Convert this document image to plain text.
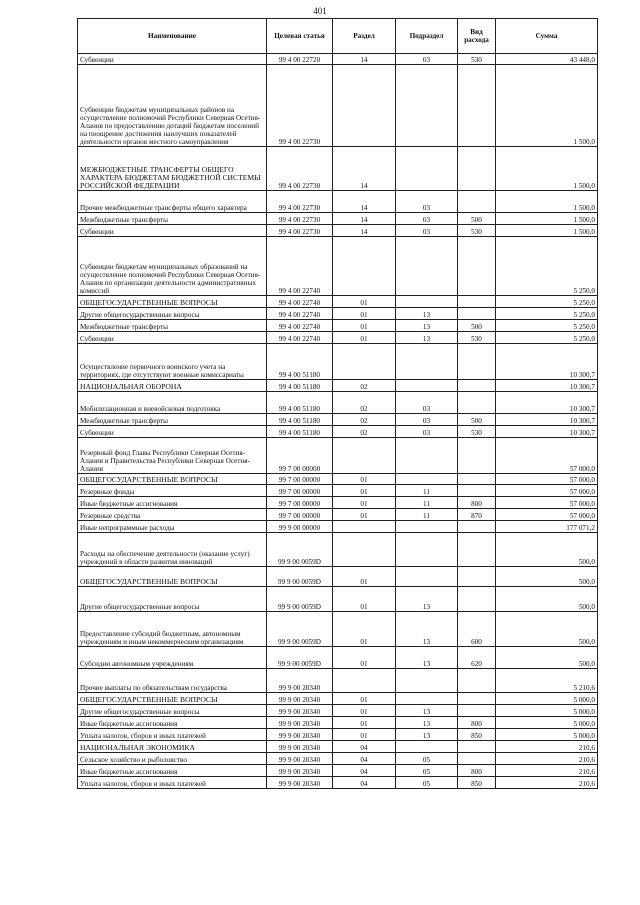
401
Наименование	Целевая статья	Раздел	Подраздел	Вид расхода	Сумма
Субвенции	99 4 00 22720	14	03	530	43 448,0
Субвенции бюджетам муниципальных районов на осуществление полномочий Республики Северная Осетия-Алания по предоставлению дотаций бюджетам поселений на поощрение достижения наилучших показателей деятельности органов местного самоуправления	99 4 00 22730				1 500,0
МЕЖБЮДЖЕТНЫЕ ТРАНСФЕРТЫ ОБЩЕГО ХАРАКТЕРА БЮДЖЕТАМ БЮДЖЕТНОЙ СИСТЕМЫ РОССИЙСКОЙ ФЕДЕРАЦИИ	99 4 00 22730	14			1 500,0
Прочие межбюджетные трансферты общего характера	99 4 00 22730	14	03		1 500,0
Межбюджетные трансферты	99 4 00 22730	14	03	500	1 500,0
Субвенции	99 4 00 22730	14	03	530	1 500,0
Субвенции бюджетам муниципальных образований на осуществление полномочий Республики Северная Осетия-Алания по организации деятельности административных комиссий	99 4 00 22740				5 250,0
ОБЩЕГОСУДАРСТВЕННЫЕ ВОПРОСЫ	99 4 00 22740	01			5 250,0
Другие общегосударственные вопросы	99 4 00 22740	01	13		5 250,0
Межбюджетные трансферты	99 4 00 22740	01	13	500	5 250,0
Субвенции	99 4 00 22740	01	13	530	5 250,0
Осуществление первичного воинского учета на территориях, где отсутствуют военные комиссариаты	99 4 00 51180				10 300,7
НАЦИОНАЛЬНАЯ ОБОРОНА	99 4 00 51180	02			10 300,7
Мобилизационная и вневойсковая подготовка	99 4 00 51180	02	03		10 300,7
Межбюджетные трансферты	99 4 00 51180	02	03	500	10 300,7
Субвенции	99 4 00 51180	02	03	530	10 300,7
Резервный фонд Главы Республики Северная Осетия-Алания и Правительства Республики Северная Осетия-Алания	99 7 00 00000				57 000,0
ОБЩЕГОСУДАРСТВЕННЫЕ ВОПРОСЫ	99 7 00 00000	01			57 000,0
Резервные фонды	99 7 00 00000	01	11		57 000,0
Иные бюджетные ассигнования	99 7 00 00000	01	11	800	57 000,0
Резервные средства	99 7 00 00000	01	11	870	57 000,0
Иные непрограммные расходы	99 9 00 00000				177 071,2
Расходы на обеспечение деятельности (оказание услуг) учреждений в области развития инноваций	99 9 00 0059D				500,0
ОБЩЕГОСУДАРСТВЕННЫЕ ВОПРОСЫ	99 9 00 0059D	01			500,0
Другие общегосударственные вопросы	99 9 00 0059D	01	13		500,0
Предоставление субсидий бюджетным, автономным учреждениям и иным некоммерческим организациям	99 9 00 0059D	01	13	600	500,0
Субсидии автономным учреждениям	99 9 00 0059D	01	13	620	500,0
Прочие выплаты по обязательствам государства	99 9 00 20340				5 210,6
ОБЩЕГОСУДАРСТВЕННЫЕ ВОПРОСЫ	99 9 00 20340	01			5 000,0
Другие общегосударственные вопросы	99 9 00 20340	01	13		5 000,0
Иные бюджетные ассигнования	99 9 00 20340	01	13	800	5 000,0
Уплата налогов, сборов и иных платежей	99 9 00 20340	01	13	850	5 000,0
НАЦИОНАЛЬНАЯ ЭКОНОМИКА	99 9 00 20340	04			210,6
Сельское хозяйство и рыболовство	99 9 00 20340	04	05		210,6
Иные бюджетные ассигнования	99 9 00 20340	04	05	800	210,6
Уплата налогов, сборов и иных платежей	99 9 00 20340	04	05	850	210,6
